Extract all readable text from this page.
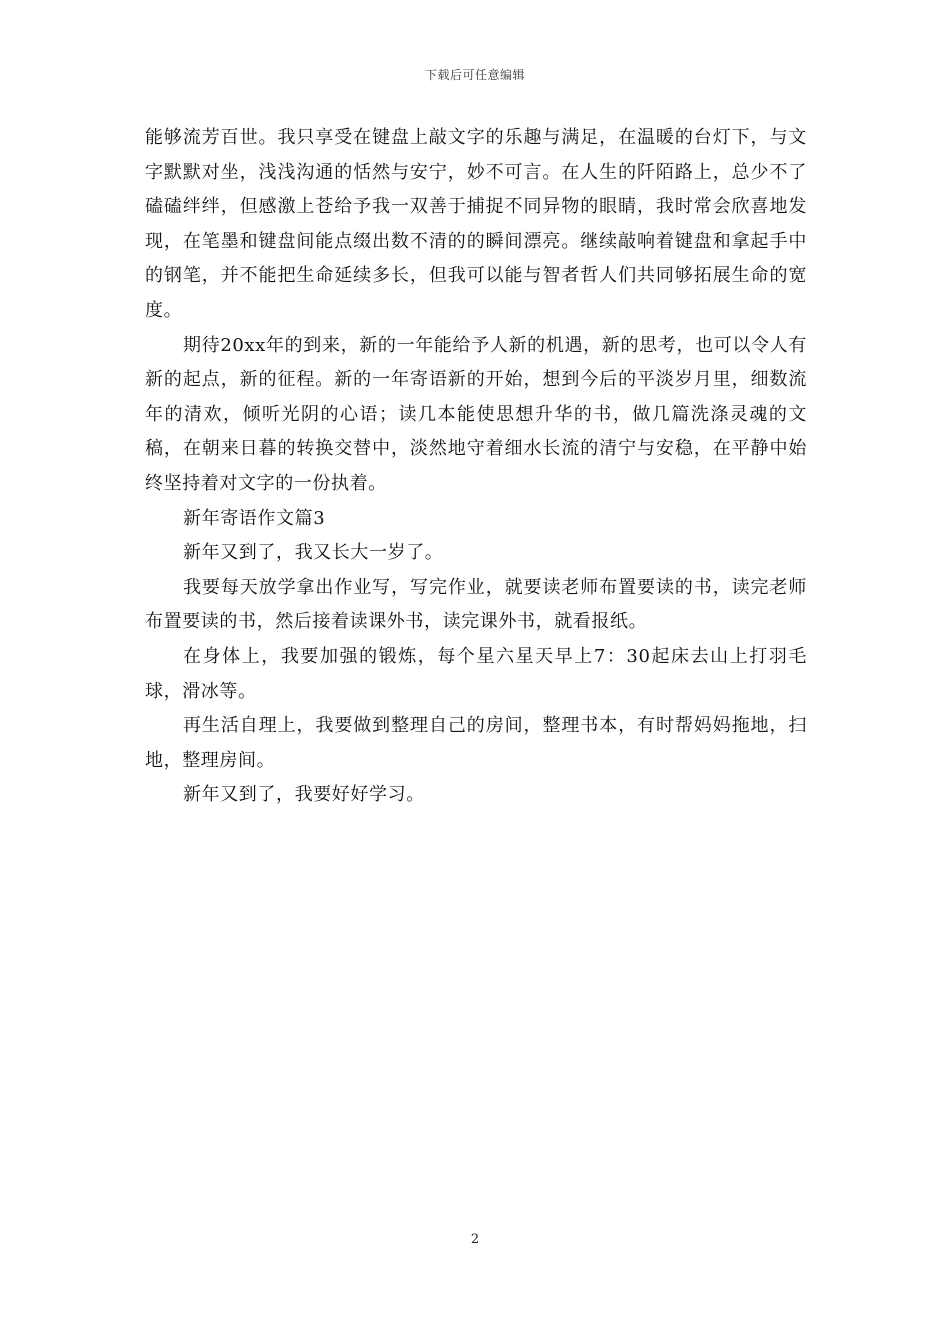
下载后可任意编辑

能够流芳百世。我只享受在键盘上敲文字的乐趣与满足，在温暖的台灯下，与文字默默对坐，浅浅沟通的恬然与安宁，妙不可言。在人生的阡陌路上，总少不了磕磕绊绊，但感激上苍给予我一双善于捕捉不同异物的眼睛，我时常会欣喜地发现，在笔墨和键盘间能点缀出数不清的的瞬间漂亮。继续敲响着键盘和拿起手中的钢笔，并不能把生命延续多长，但我可以能与智者哲人们共同够拓展生命的宽度。

期待20xx年的到来，新的一年能给予人新的机遇，新的思考，也可以令人有新的起点，新的征程。新的一年寄语新的开始，想到今后的平淡岁月里，细数流年的清欢，倾听光阴的心语；读几本能使思想升华的书，做几篇洗涤灵魂的文稿，在朝来日暮的转换交替中，淡然地守着细水长流的清宁与安稳，在平静中始终坚持着对文字的一份执着。

新年寄语作文篇3

新年又到了，我又长大一岁了。

我要每天放学拿出作业写，写完作业，就要读老师布置要读的书，读完老师布置要读的书，然后接着读课外书，读完课外书，就看报纸。

在身体上，我要加强的锻炼，每个星六星天早上7：30起床去山上打羽毛球，滑冰等。

再生活自理上，我要做到整理自己的房间，整理书本，有时帮妈妈拖地，扫地，整理房间。

新年又到了，我要好好学习。

2
